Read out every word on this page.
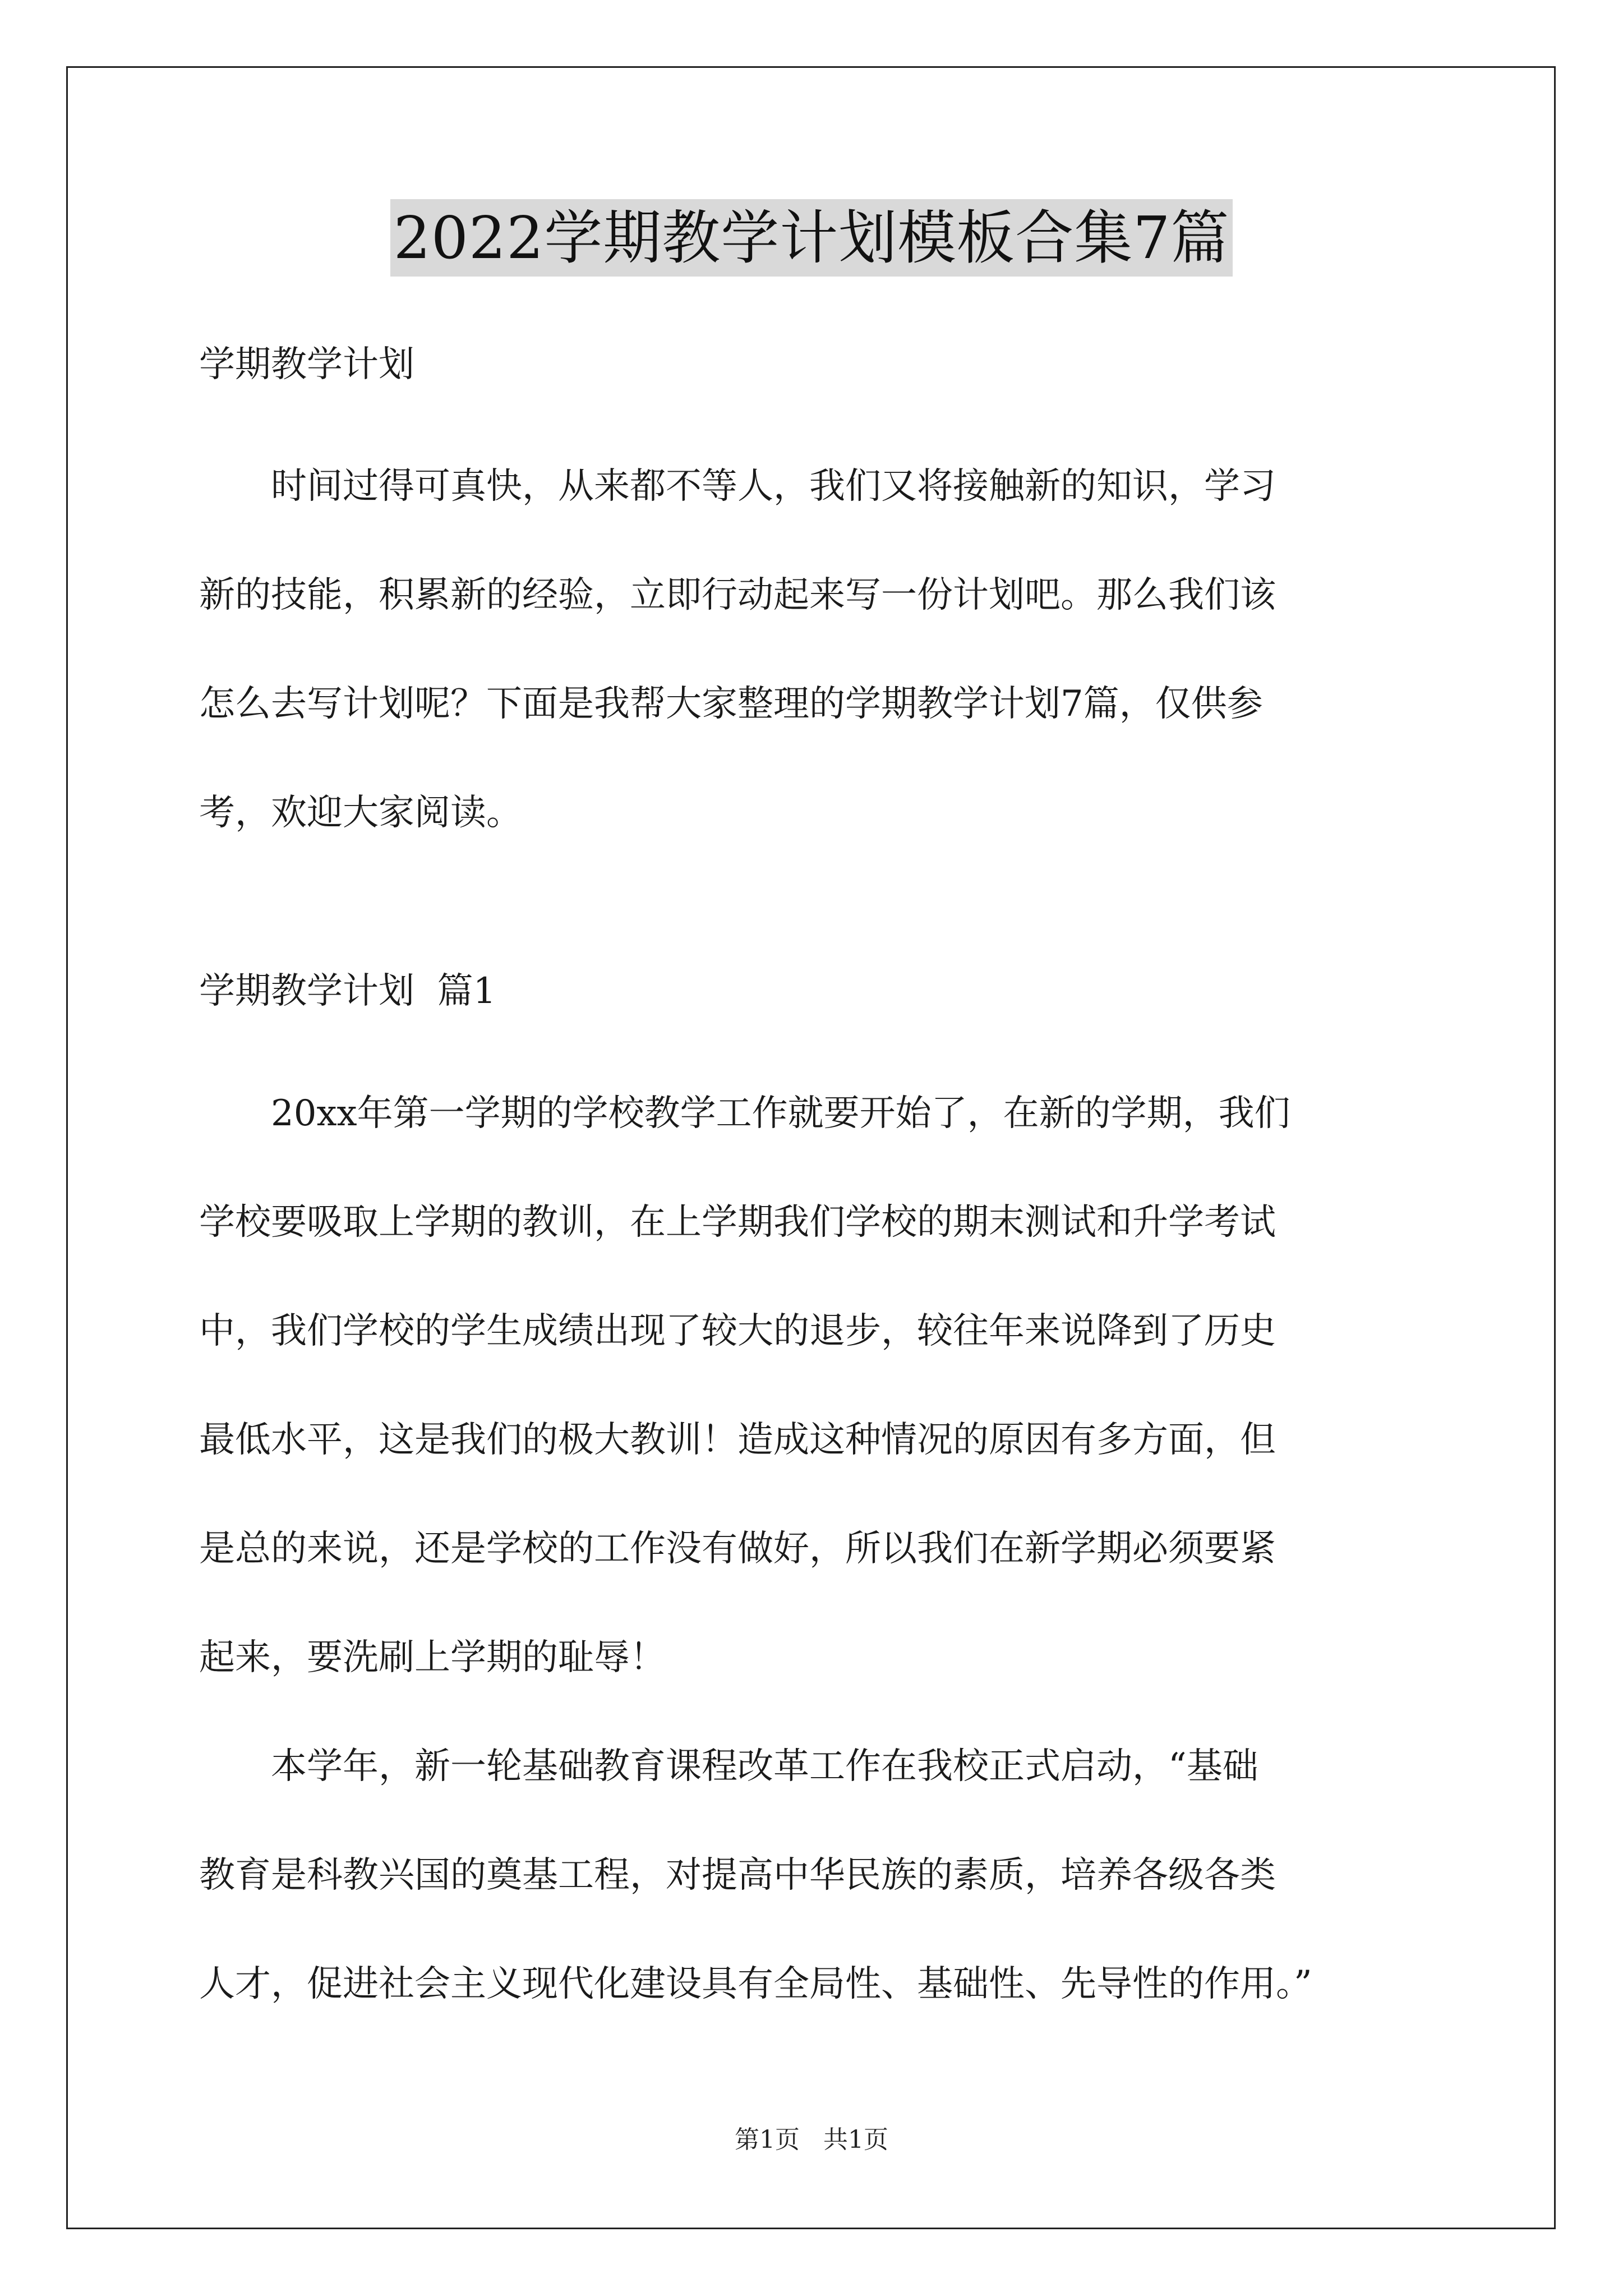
2022学期教学计划模板合集7篇
学期教学计划
时间过得可真快，从来都不等人，我们又将接触新的知识，学习
新的技能，积累新的经验，立即行动起来写一份计划吧。那么我们该
怎么去写计划呢？下面是我帮大家整理的学期教学计划7篇，仅供参
考，欢迎大家阅读。
学期教学计划  篇1
20xx年第一学期的学校教学工作就要开始了，在新的学期，我们
学校要吸取上学期的教训，在上学期我们学校的期末测试和升学考试
中，我们学校的学生成绩出现了较大的退步，较往年来说降到了历史
最低水平，这是我们的极大教训！造成这种情况的原因有多方面，但
是总的来说，还是学校的工作没有做好，所以我们在新学期必须要紧
起来，要洗刷上学期的耻辱！
本学年，新一轮基础教育课程改革工作在我校正式启动，“基础
教育是科教兴国的奠基工程，对提高中华民族的素质，培养各级各类
人才，促进社会主义现代化建设具有全局性、基础性、先导性的作用。”
第1页   共1页
